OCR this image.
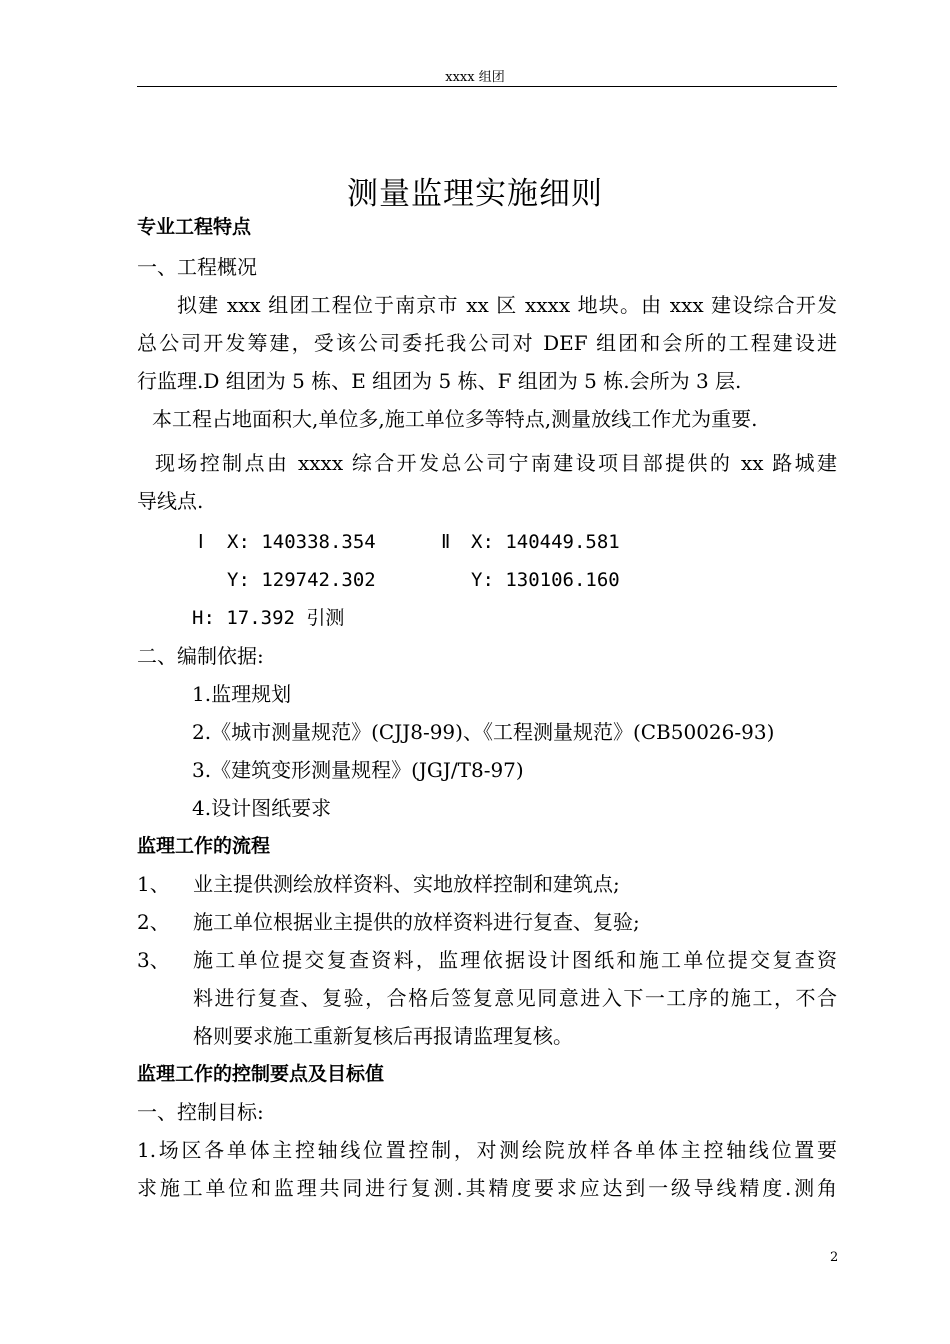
xxxx 组团
测量监理实施细则
专业工程特点
一、工程概况
拟建 xxx 组团工程位于南京市 xx 区 xxxx 地块。由 xxx 建设综合开发
总公司开发筹建，受该公司委托我公司对 DEF 组团和会所的工程建设进
行监理.D 组团为 5 栋、E 组团为 5 栋、F 组团为 5 栋.会所为 3 层.
本工程占地面积大,单位多,施工单位多等特点,测量放线工作尤为重要.
现场控制点由 xxxx 综合开发总公司宁南建设项目部提供的 xx 路城建
导线点.
Ⅰ X: 140338.354
Y: 129742.302
Ⅱ X: 140449.581
Y: 130106.160
H: 17.392 引测
二、编制依据:
1.监理规划
2.《城市测量规范》(CJJ8-99)、《工程测量规范》(CB50026-93)
3.《建筑变形测量规程》(JGJ/T8-97)
4.设计图纸要求
监理工作的流程
1、 业主提供测绘放样资料、实地放样控制和建筑点;
2、 施工单位根据业主提供的放样资料进行复查、复验;
3、 施工单位提交复查资料，监理依据设计图纸和施工单位提交复查资
料进行复查、复验，合格后签复意见同意进入下一工序的施工，不合
格则要求施工重新复核后再报请监理复核。
监理工作的控制要点及目标值
一、控制目标:
1.场区各单体主控轴线位置控制，对测绘院放样各单体主控轴线位置要
求施工单位和监理共同进行复测.其精度要求应达到一级导线精度.测角
2
